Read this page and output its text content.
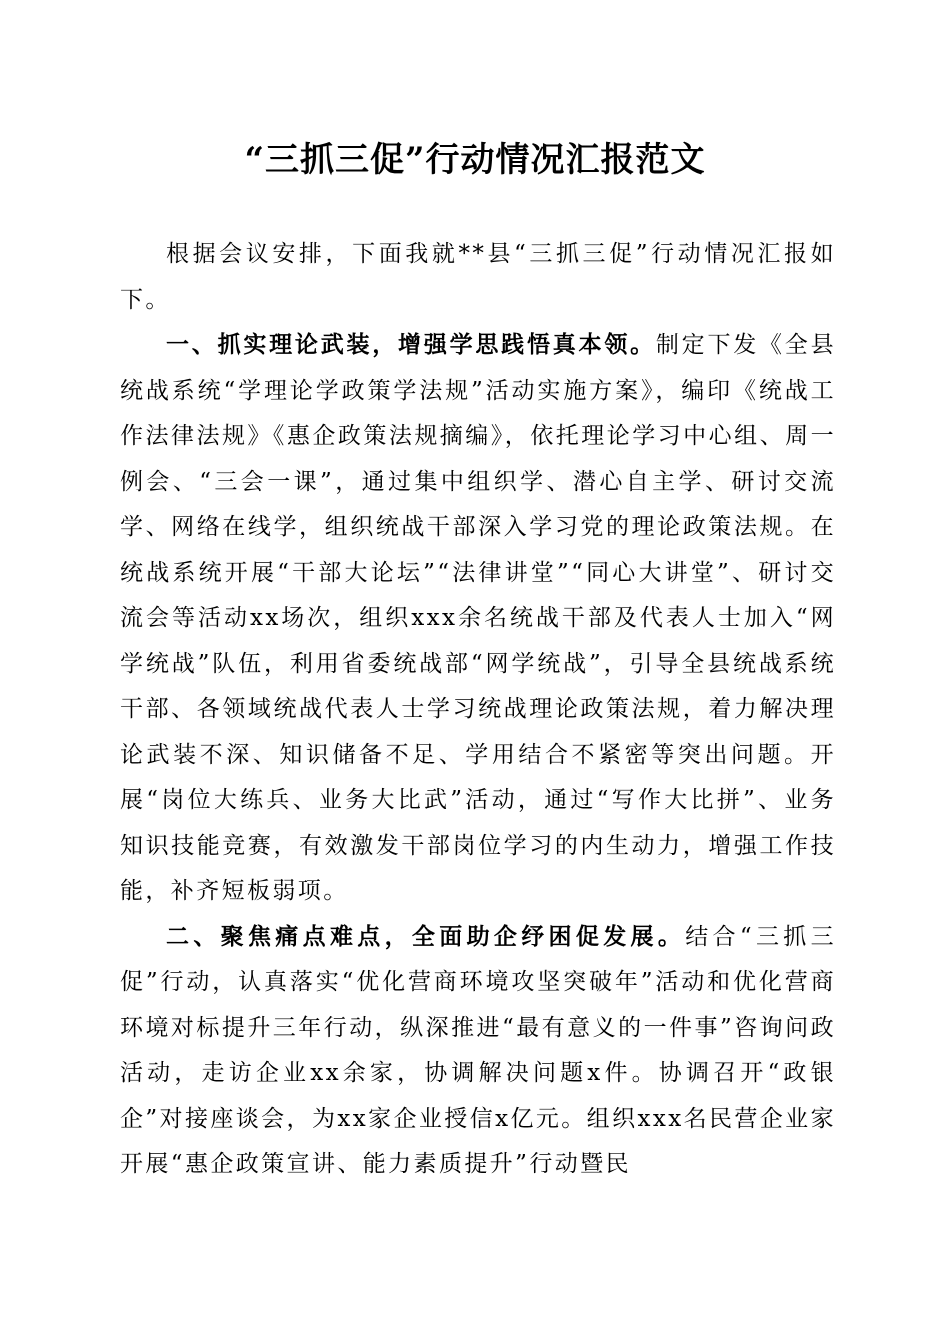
“三抓三促”行动情况汇报范文

根据会议安排，下面我就**县“三抓三促”行动情况汇报如下。

一、抓实理论武装，增强学思践悟真本领。制定下发《全县统战系统“学理论学政策学法规”活动实施方案》，编印《统战工作法律法规》《惠企政策法规摘编》，依托理论学习中心组、周一例会、“三会一课”，通过集中组织学、潜心自主学、研讨交流学、网络在线学，组织统战干部深入学习党的理论政策法规。在统战系统开展“干部大论坛”“法律讲堂”“同心大讲堂”、研讨交流会等活动xx场次，组织xxx余名统战干部及代表人士加入“网学统战”队伍，利用省委统战部“网学统战”，引导全县统战系统干部、各领域统战代表人士学习统战理论政策法规，着力解决理论武装不深、知识储备不足、学用结合不紧密等突出问题。开展“岗位大练兵、业务大比武”活动，通过“写作大比拼”、业务知识技能竞赛，有效激发干部岗位学习的内生动力，增强工作技能，补齐短板弱项。

二、聚焦痛点难点，全面助企纾困促发展。结合“三抓三促”行动，认真落实“优化营商环境攻坚突破年”活动和优化营商环境对标提升三年行动，纵深推进“最有意义的一件事”咨询问政活动，走访企业xx余家，协调解决问题x件。协调召开“政银企”对接座谈会，为xx家企业授信x亿元。组织xxx名民营企业家开展“惠企政策宣讲、能力素质提升”行动暨民
